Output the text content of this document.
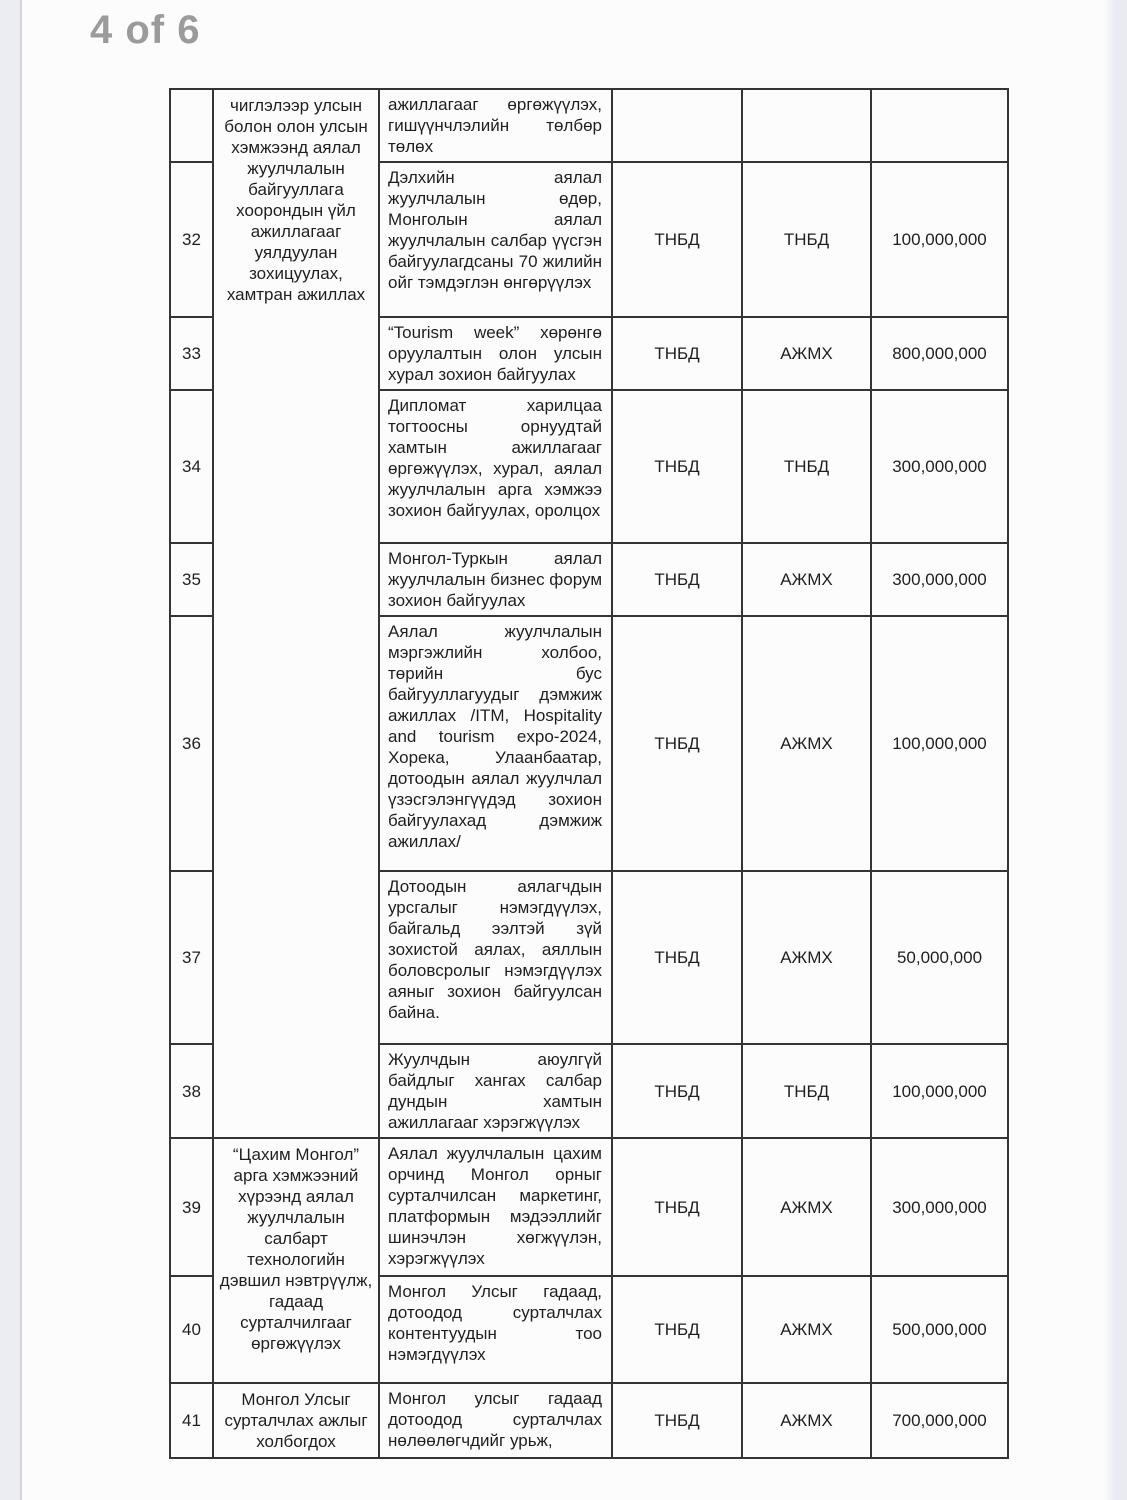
4 of 6
	чиглэлээр улсын болон олон улсын хэмжээнд аялал жуулчлалын байгууллага хоорондын үйл ажиллагааг уялдуулан зохицуулах, хамтран ажиллах	ажиллагааг өргөжүүлэх, гишүүнчлэлийн төлбөр төлөх			
32		Дэлхийн аялал жуулчлалын өдөр, Монголын аялал жуулчлалын салбар үүсгэн байгуулагдсаны 70 жилийн ойг тэмдэглэн өнгөрүүлэх	ТНБД	ТНБД	100,000,000
33		“Tourism week” хөрөнгө оруулалтын олон улсын хурал зохион байгуулах	ТНБД	АЖМХ	800,000,000
34		Дипломат харилцаа тогтоосны орнуудтай хамтын ажиллагааг өргөжүүлэх, хурал, аялал жуулчлалын арга хэмжээ зохион байгуулах, оролцох	ТНБД	ТНБД	300,000,000
35		Монгол-Туркын аялал жуулчлалын бизнес форум зохион байгуулах	ТНБД	АЖМХ	300,000,000
36		Аялал жуулчлалын мэргэжлийн холбоо, төрийн бус байгууллагуудыг дэмжиж ажиллах /ITM, Hospitality and tourism expo-2024, Хорека, Улаанбаатар, дотоодын аялал жуулчлал үзэсгэлэнгүүдэд зохион байгуулахад дэмжиж ажиллах/	ТНБД	АЖМХ	100,000,000
37		Дотоодын аялагчдын урсгалыг нэмэгдүүлэх, байгальд ээлтэй зүй зохистой аялах, аяллын боловсролыг нэмэгдүүлэх аяныг зохион байгуулсан байна.	ТНБД	АЖМХ	50,000,000
38		Жуулчдын аюулгүй байдлыг хангах салбар дундын хамтын ажиллагааг хэрэгжүүлэх	ТНБД	ТНБД	100,000,000
39	“Цахим Монгол” арга хэмжээний хүрээнд аялал жуулчлалын салбарт технологийн дэвшил нэвтрүүлж, гадаад сурталчилгааг өргөжүүлэх	Аялал жуулчлалын цахим орчинд Монгол орныг сурталчилсан маркетинг, платформын мэдээллийг шинэчлэн хөгжүүлэн, хэрэгжүүлэх	ТНБД	АЖМХ	300,000,000
40		Монгол Улсыг гадаад, дотоодод сурталчлах контентуудын тоо нэмэгдүүлэх	ТНБД	АЖМХ	500,000,000
41	Монгол Улсыг сурталчлах ажлыг холбогдох	Монгол улсыг гадаад дотоодод сурталчлах нөлөөлөгчдийг урьж,	ТНБД	АЖМХ	700,000,000
